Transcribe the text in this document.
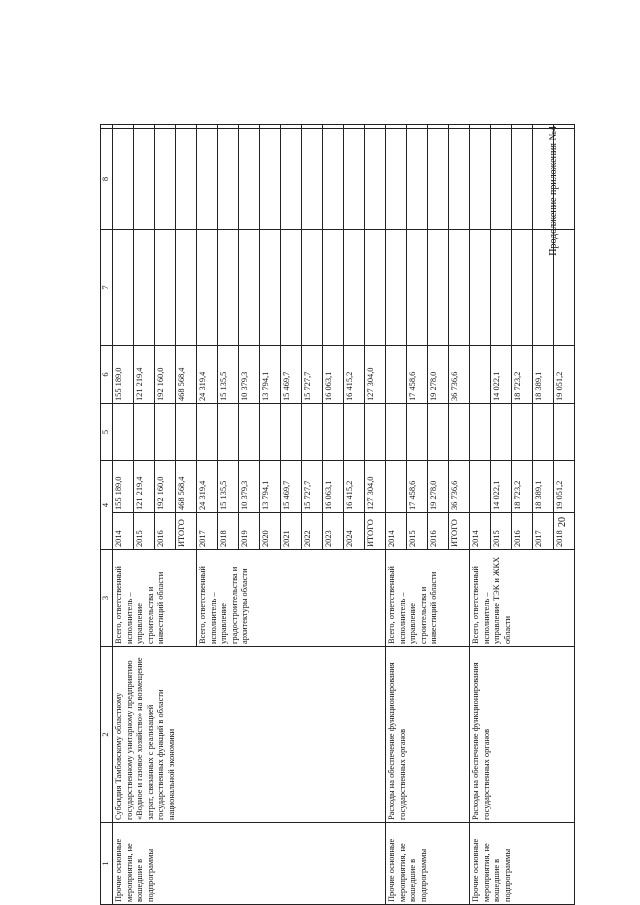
20
Продолжение приложения №4
1	2	3	4		5	6	7	8	
Прочие основные мероприятия, не вошедшие в подпрограммы	Субсидия Тамбовскому областному государственному унитарному предприятию «Водное и газовое хозяйство» на возмещение затрат, связанных с реализацией государственных функций в области национальной экономики	Всего, ответственный исполнитель – управление строительства и инвестиций области	2014	155 189,0		155 189,0			
			2015	121 219,4		121 219,4			
			2016	192 160,0		192 160,0			
			ИТОГО	468 568,4		468 568,4			
		Всего, ответственный исполнитель – управление градостроительства и архитектуры области	2017	24 319,4		24 319,4			
			2018	15 135,5		15 135,5			
			2019	10 379,3		10 379,3			
			2020	13 794,1		13 794,1			
			2021	15 469,7		15 469,7			
			2022	15 727,7		15 727,7			
			2023	16 063,1		16 063,1			
			2024	16 415,2		16 415,2			
			ИТОГО	127 304,0		127 304,0			
Прочие основные мероприятия, не вошедшие в подпрограммы	Расходы на обеспечение функционирования государственных органов	Всего, ответственный исполнитель – управление строительства и инвестиций области	2014						
			2015	17 458,6		17 458,6			
			2016	19 278,0		19 278,0			
			ИТОГО	36 736,6		36 736,6			
Прочие основные мероприятия, не вошедшие в подпрограммы	Расходы на обеспечение функционирования государственных органов	Всего, ответственный исполнитель – управление ТЭК и ЖКХ области	2014						
			2015	14 022,1		14 022,1			
			2016	18 723,2		18 723,2			
			2017	18 389,1		18 389,1			
			2018	19 051,2		19 051,2			
